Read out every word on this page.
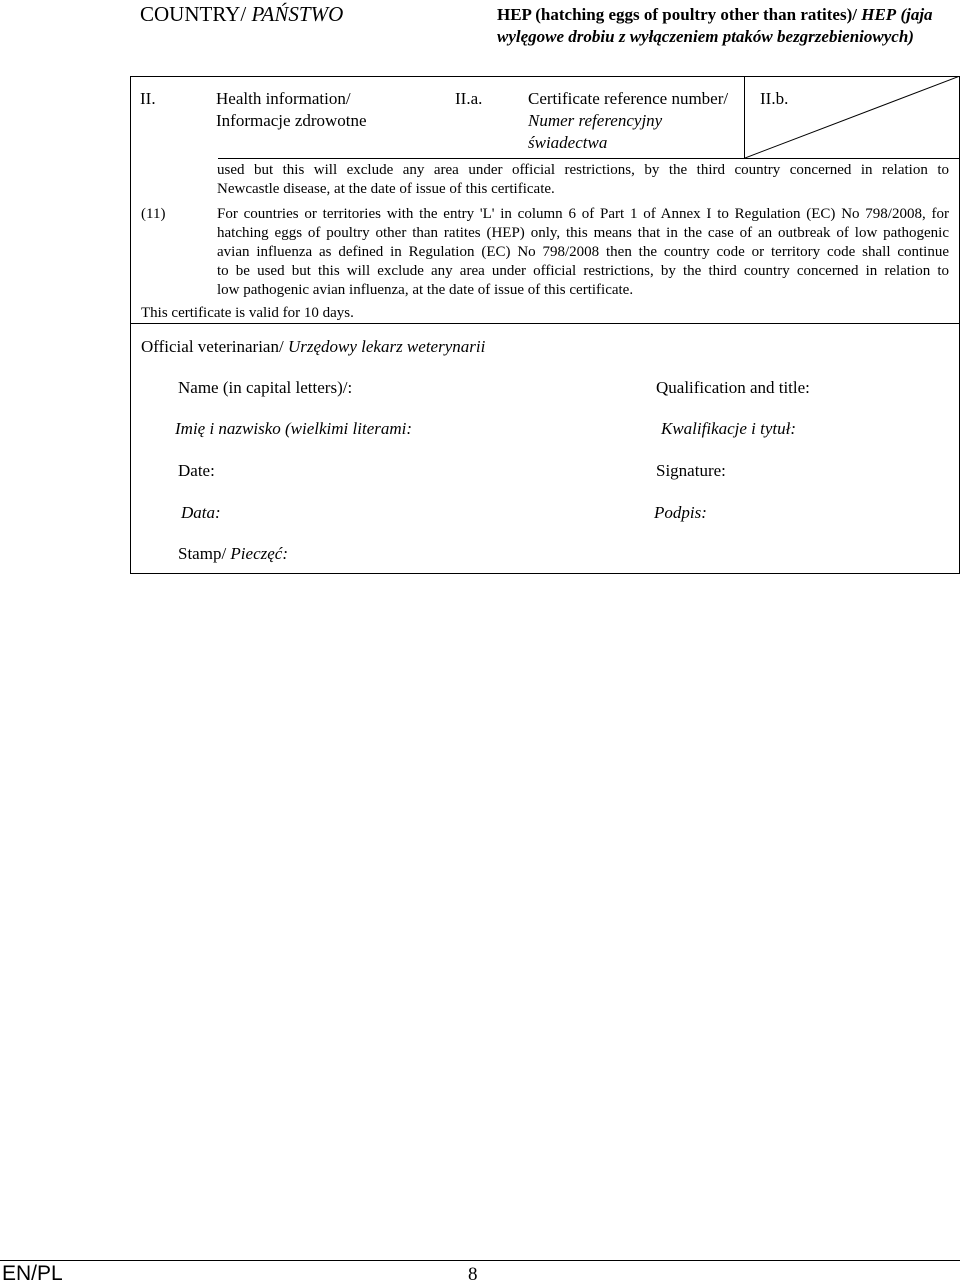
COUNTRY/ PAŃSTWO	HEP (hatching eggs of poultry other than ratites)/ HEP (jaja wylęgowe drobiu z wyłączeniem ptaków bezgrzebieniowych)
II.	Health information/
Informacje zdrowotne
II.a.	Certificate reference number/
Numer referencyjny
świadectwa
II.b.
used but this will exclude any area under official restrictions, by the third country concerned in relation to
Newcastle disease, at the date of issue of this certificate.
(11)	For countries or territories with the entry 'L' in column 6 of Part 1 of Annex I to Regulation (EC) No 798/2008, for
hatching eggs of poultry other than ratites (HEP) only, this means that in the case of an outbreak of low pathogenic
avian influenza as defined in Regulation (EC) No 798/2008 then the country code or territory code shall continue
to be used but this will exclude any area under official restrictions, by the third country concerned in relation to
low pathogenic avian influenza, at the date of issue of this certificate.
This certificate is valid for 10 days.
Official veterinarian/ Urzędowy lekarz weterynarii
Name (in capital letters)/:
Imię i nazwisko (wielkimi literami:
Qualification and title:
Kwalifikacje i tytuł:
Date:
Data:
Signature:
Podpis:
Stamp/ Pieczęć:
EN/PL	8
